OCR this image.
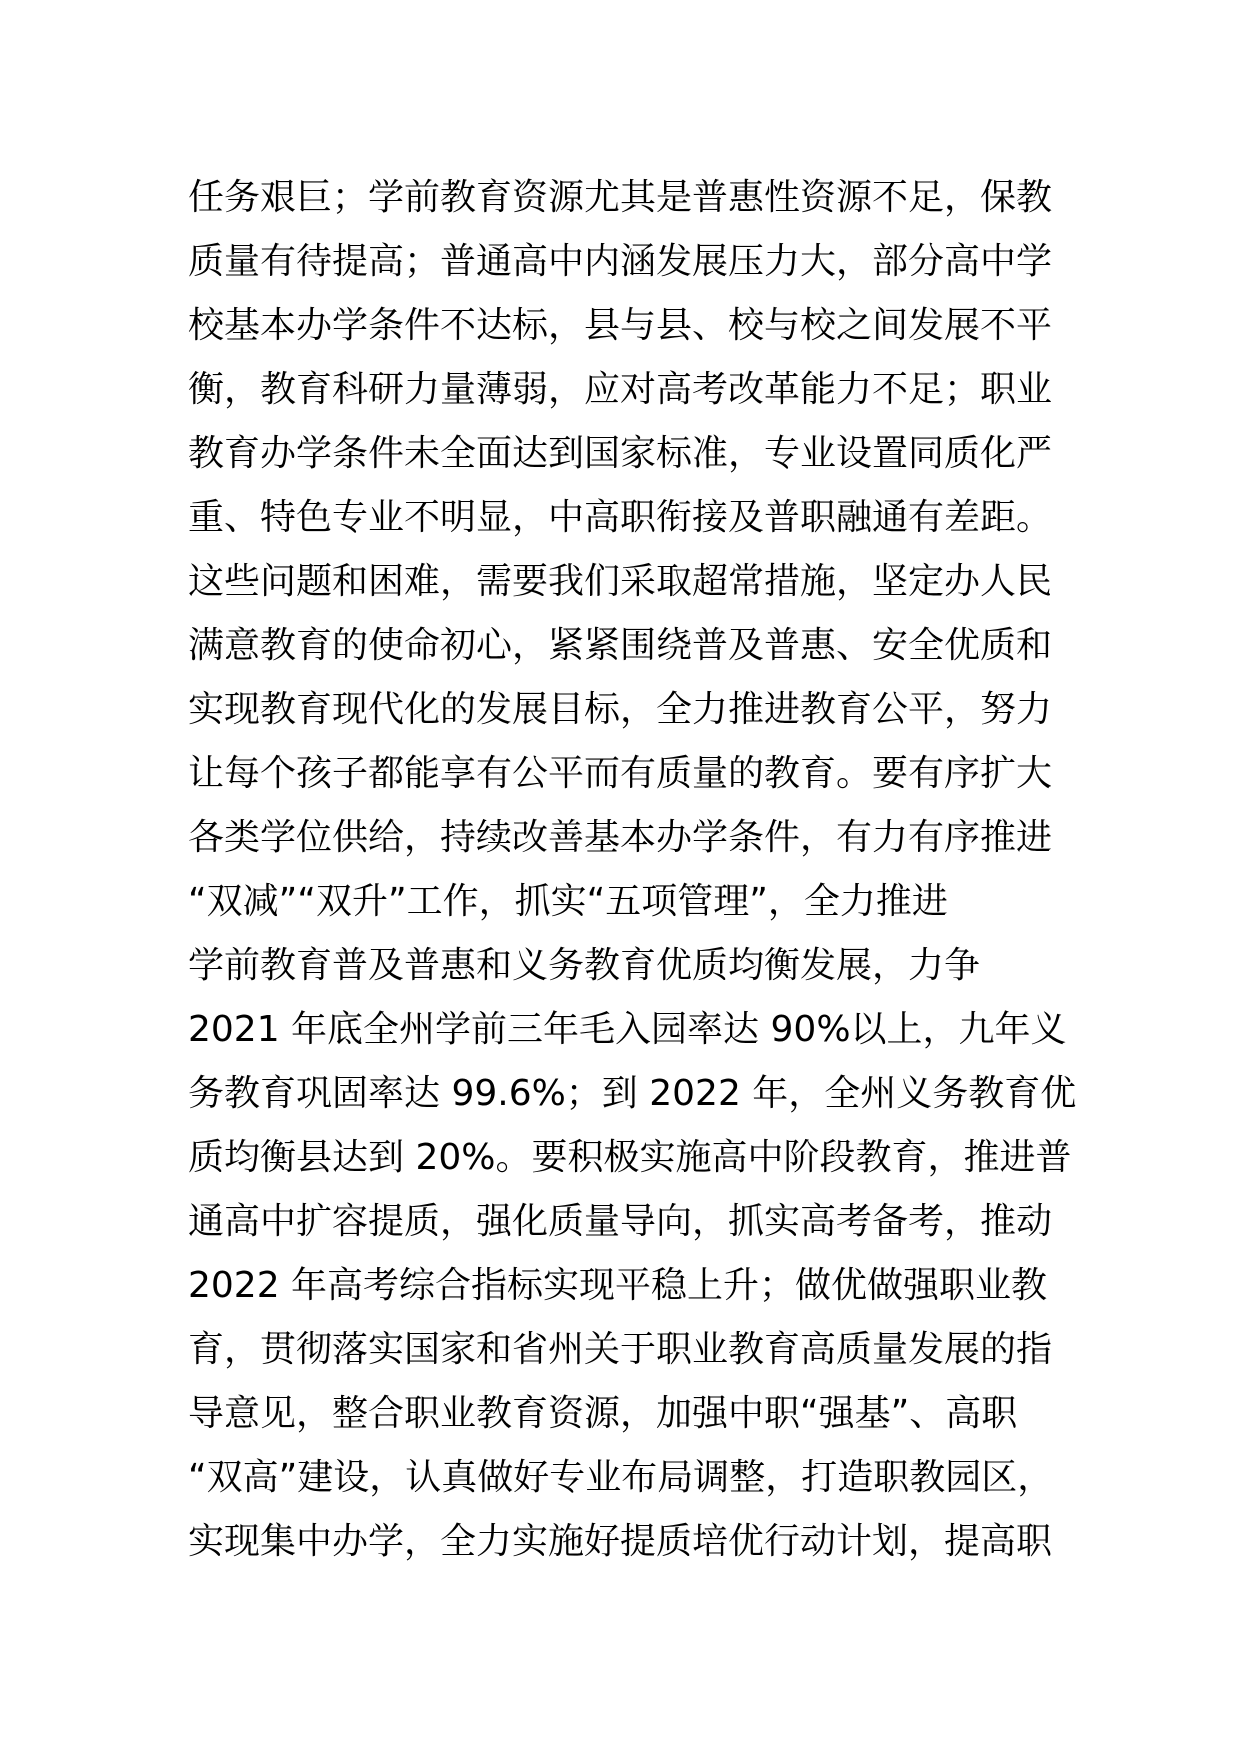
任务艰巨；学前教育资源尤其是普惠性资源不足，保教
质量有待提高；普通高中内涵发展压力大，部分高中学
校基本办学条件不达标，县与县、校与校之间发展不平
衡，教育科研力量薄弱，应对高考改革能力不足；职业
教育办学条件未全面达到国家标准，专业设置同质化严
重、特色专业不明显，中高职衔接及普职融通有差距。
这些问题和困难，需要我们采取超常措施，坚定办人民
满意教育的使命初心，紧紧围绕普及普惠、安全优质和
实现教育现代化的发展目标，全力推进教育公平，努力
让每个孩子都能享有公平而有质量的教育。要有序扩大
各类学位供给，持续改善基本办学条件，有力有序推进
“双减”“双升”工作，抓实“五项管理”，全力推进
学前教育普及普惠和义务教育优质均衡发展，力争
2021 年底全州学前三年毛入园率达 90%以上，九年义
务教育巩固率达 99.6%；到 2022 年，全州义务教育优
质均衡县达到 20%。要积极实施高中阶段教育，推进普
通高中扩容提质，强化质量导向，抓实高考备考，推动
2022 年高考综合指标实现平稳上升；做优做强职业教
育，贯彻落实国家和省州关于职业教育高质量发展的指
导意见，整合职业教育资源，加强中职“强基”、高职
“双高”建设，认真做好专业布局调整，打造职教园区，
实现集中办学，全力实施好提质培优行动计划，提高职
